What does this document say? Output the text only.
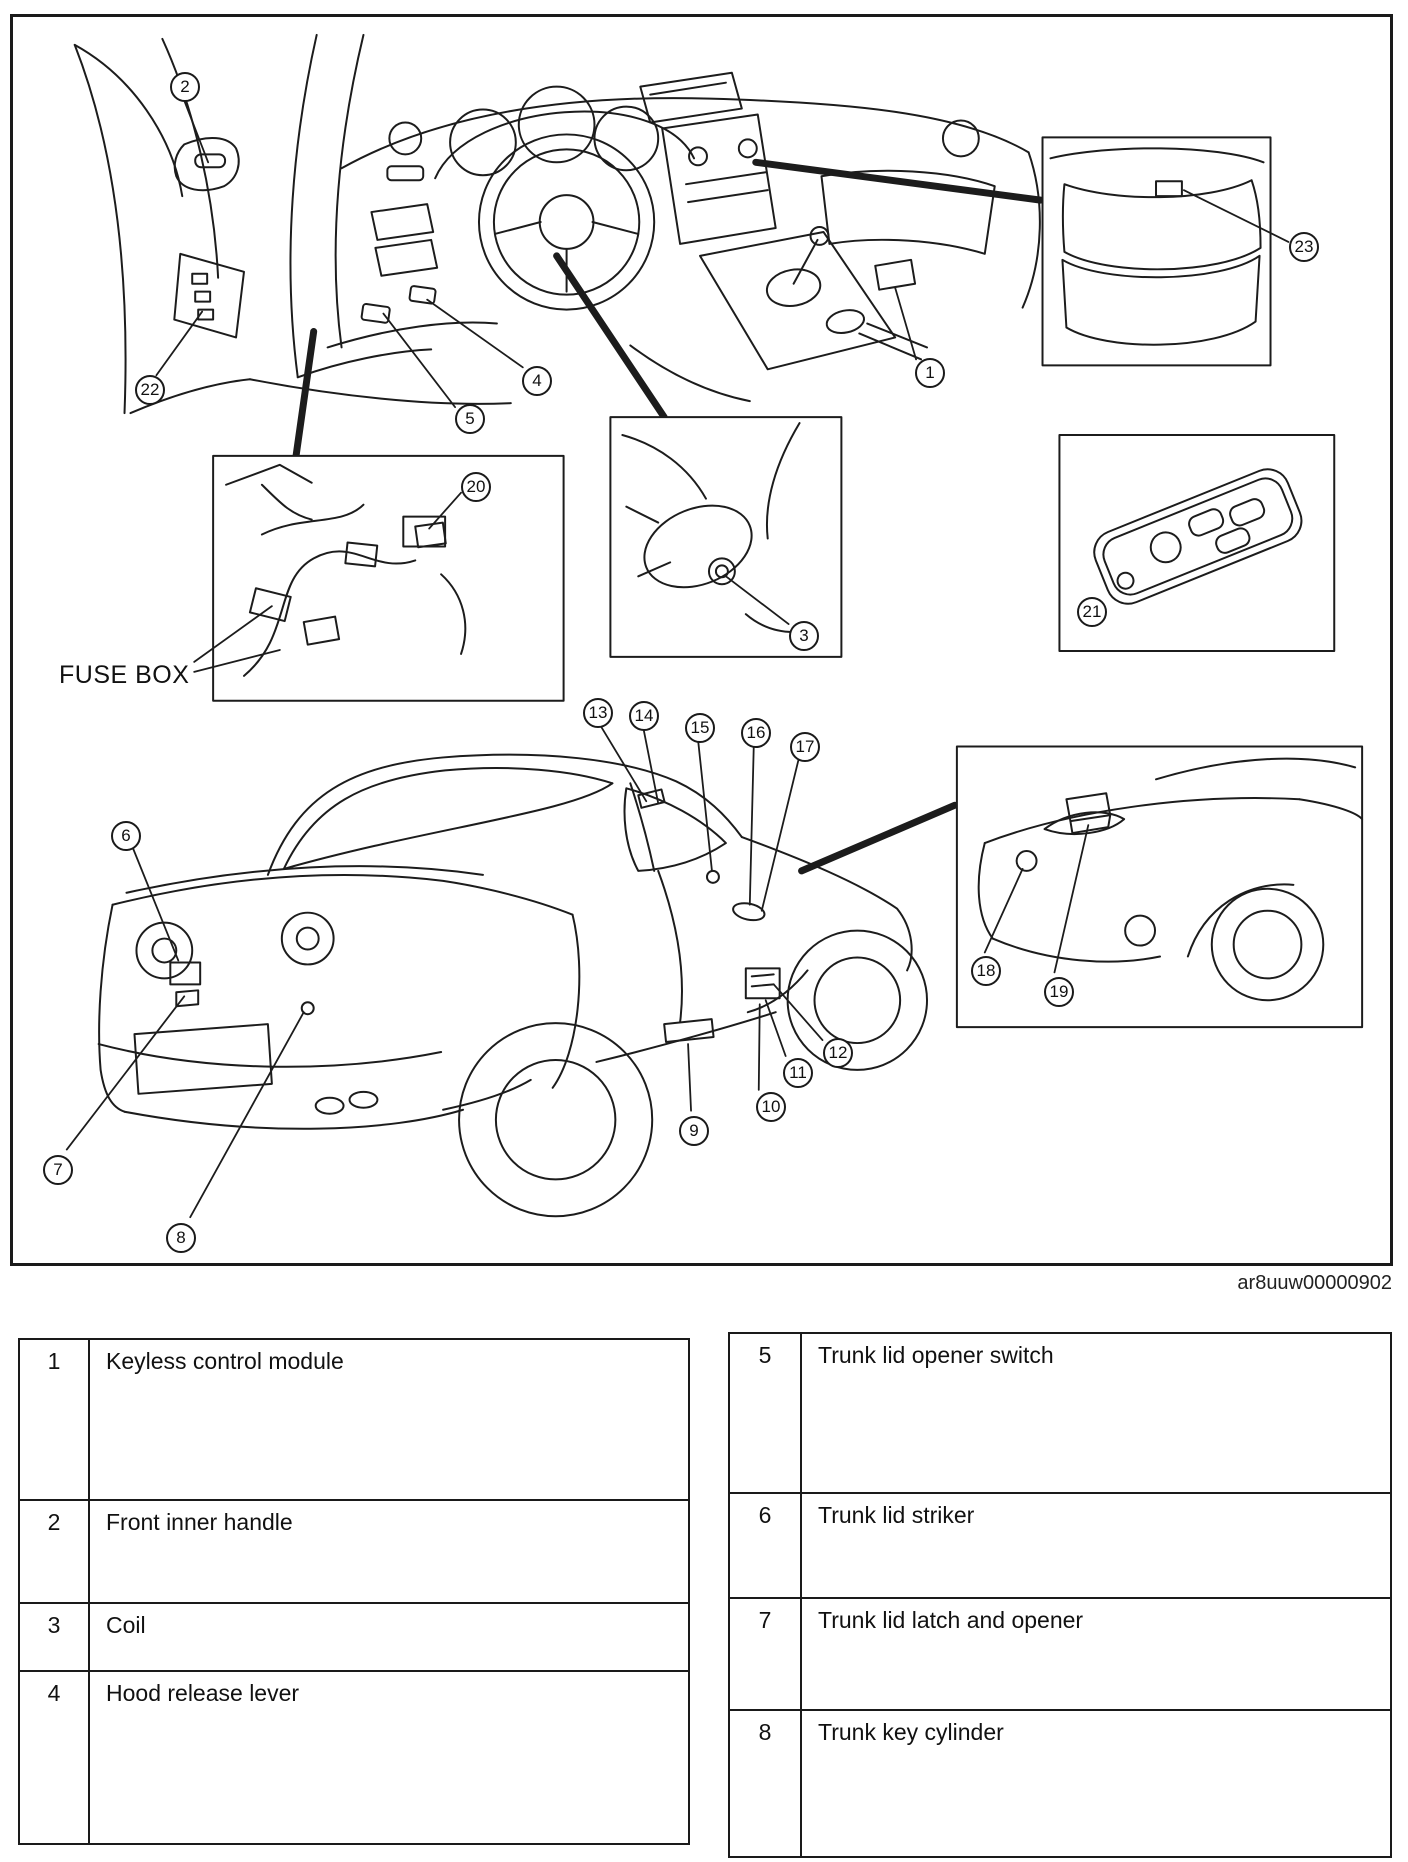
1
2
3
4
5
6
7
8
9
10
11
12
13	14
15	16
17
18
19
20
21
22
23
FUSE BOX
ar8uuw00000902
1	Keyless control module
2	Front inner handle
3	Coil
4	Hood release lever
5	Trunk lid opener switch
6	Trunk lid striker
7	Trunk lid latch and opener
8	Trunk key cylinder
